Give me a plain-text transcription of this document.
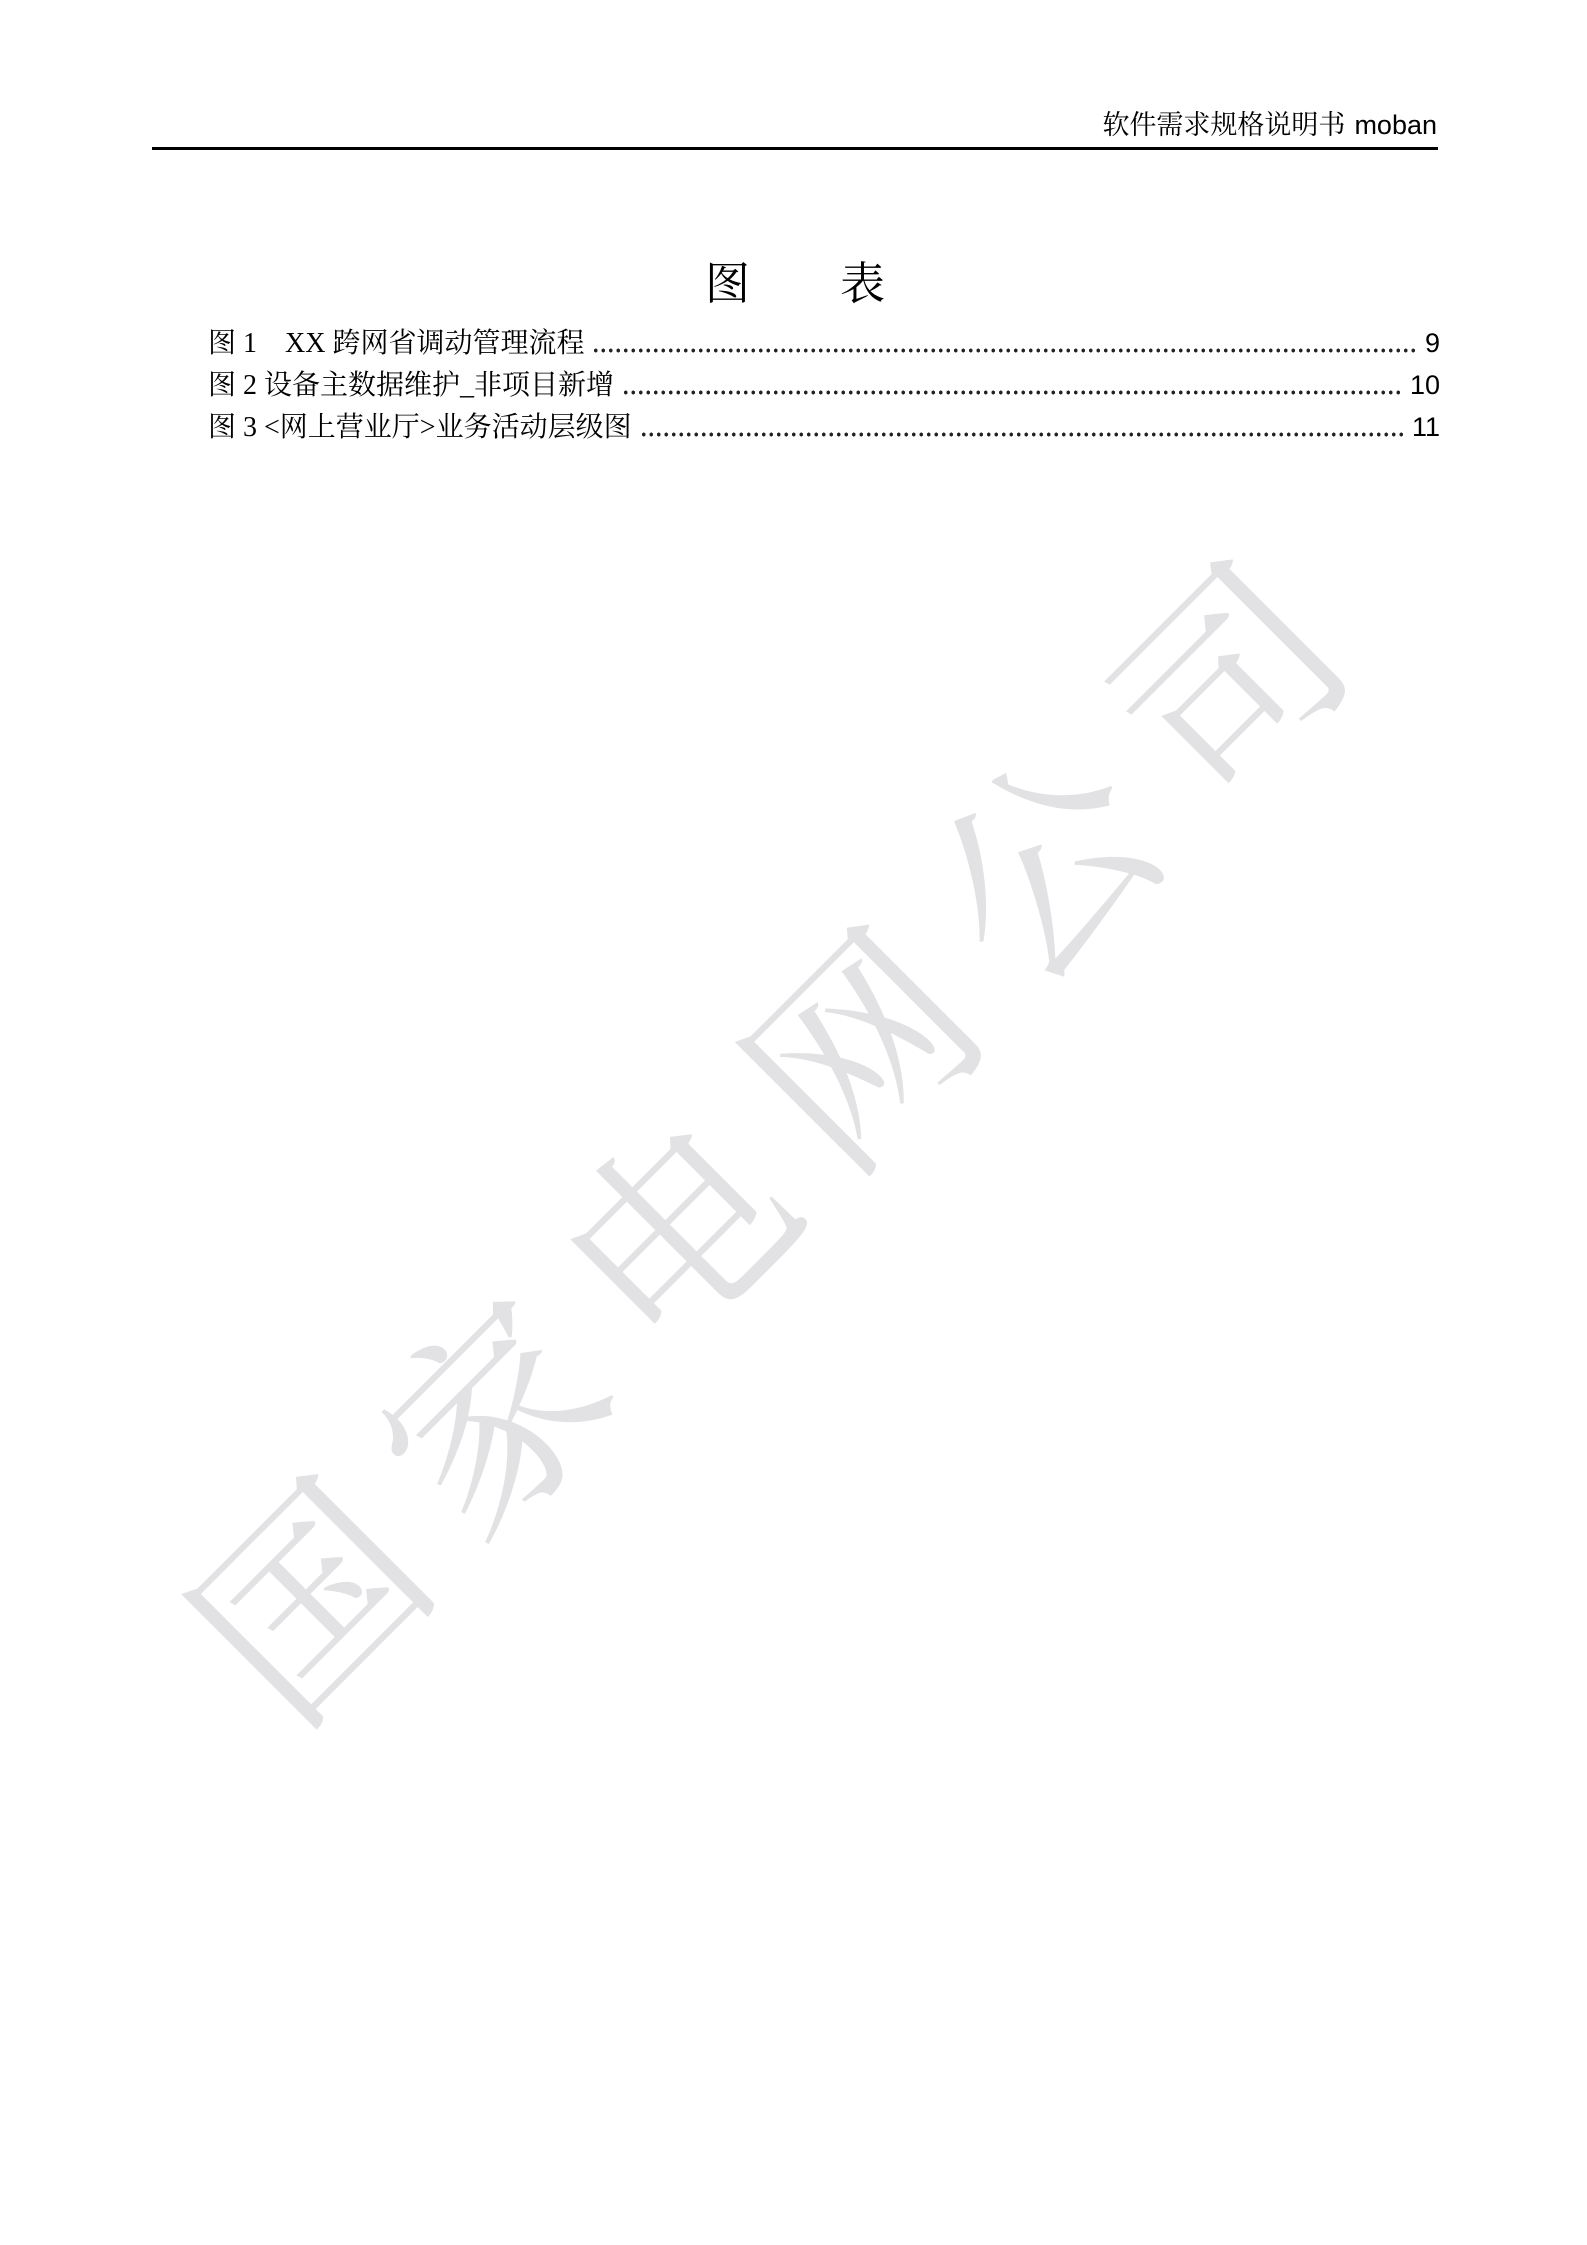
国家电网公司
软件需求规格说明书 moban
图　　表
图 1　XX 跨网省调动管理流程	9
图 2 设备主数据维护_非项目新增	10
图 3 <网上营业厅>业务活动层级图	11
